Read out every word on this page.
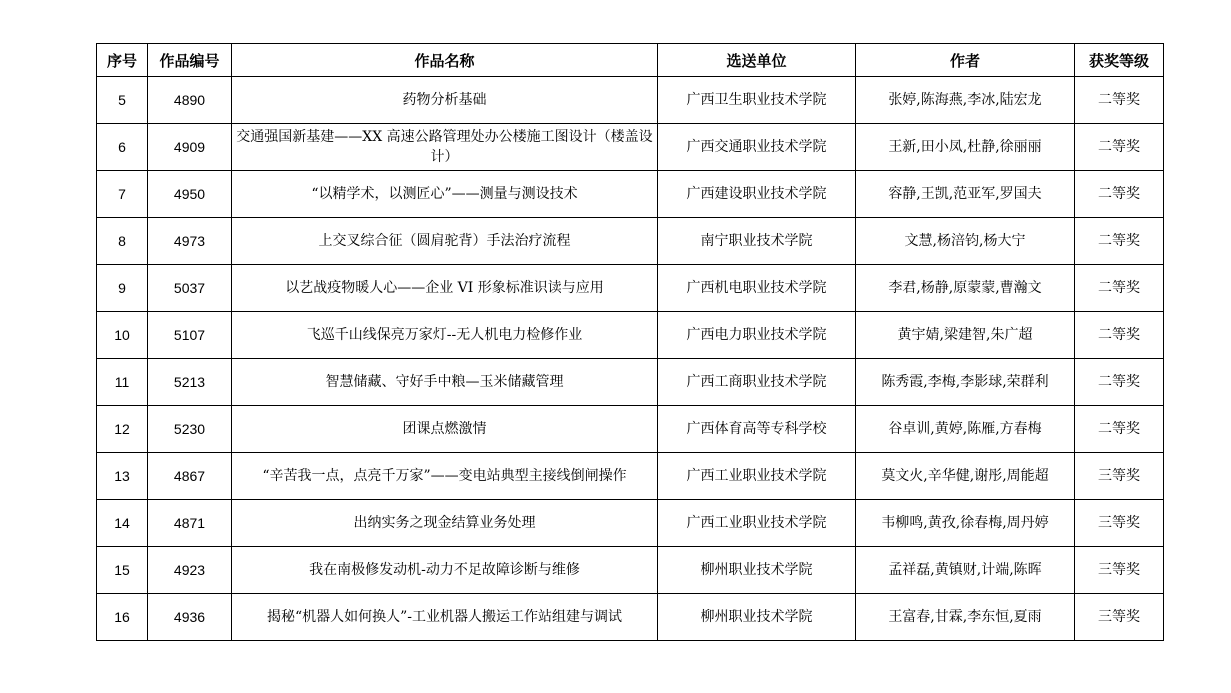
序号	作品编号	作品名称	选送单位	作者	获奖等级
5	4890	药物分析基础	广西卫生职业技术学院	张婷,陈海燕,李冰,陆宏龙	二等奖
6	4909	交通强国新基建——XX 高速公路管理处办公楼施工图设计（楼盖设计）	广西交通职业技术学院	王新,田小凤,杜静,徐丽丽	二等奖
7	4950	“以精学术，以测匠心”——测量与测设技术	广西建设职业技术学院	容静,王凯,范亚军,罗国夫	二等奖
8	4973	上交叉综合征（圆肩驼背）手法治疗流程	南宁职业技术学院	文慧,杨涪钧,杨大宁	二等奖
9	5037	以艺战疫物暖人心——企业 VI 形象标准识读与应用	广西机电职业技术学院	李君,杨静,原蒙蒙,曹瀚文	二等奖
10	5107	飞巡千山线保亮万家灯--无人机电力检修作业	广西电力职业技术学院	黄宇婧,梁建智,朱广超	二等奖
11	5213	智慧储藏、守好手中粮—玉米储藏管理	广西工商职业技术学院	陈秀霞,李梅,李影球,荣群利	二等奖
12	5230	团课点燃激情	广西体育高等专科学校	谷卓训,黄婷,陈雁,方春梅	二等奖
13	4867	“辛苦我一点，点亮千万家”——变电站典型主接线倒闸操作	广西工业职业技术学院	莫文火,辛华健,谢彤,周能超	三等奖
14	4871	出纳实务之现金结算业务处理	广西工业职业技术学院	韦柳鸣,黄孜,徐春梅,周丹婷	三等奖
15	4923	我在南极修发动机-动力不足故障诊断与维修	柳州职业技术学院	孟祥磊,黄镇财,计端,陈晖	三等奖
16	4936	揭秘“机器人如何换人”-工业机器人搬运工作站组建与调试	柳州职业技术学院	王富春,甘霖,李东恒,夏雨	三等奖
